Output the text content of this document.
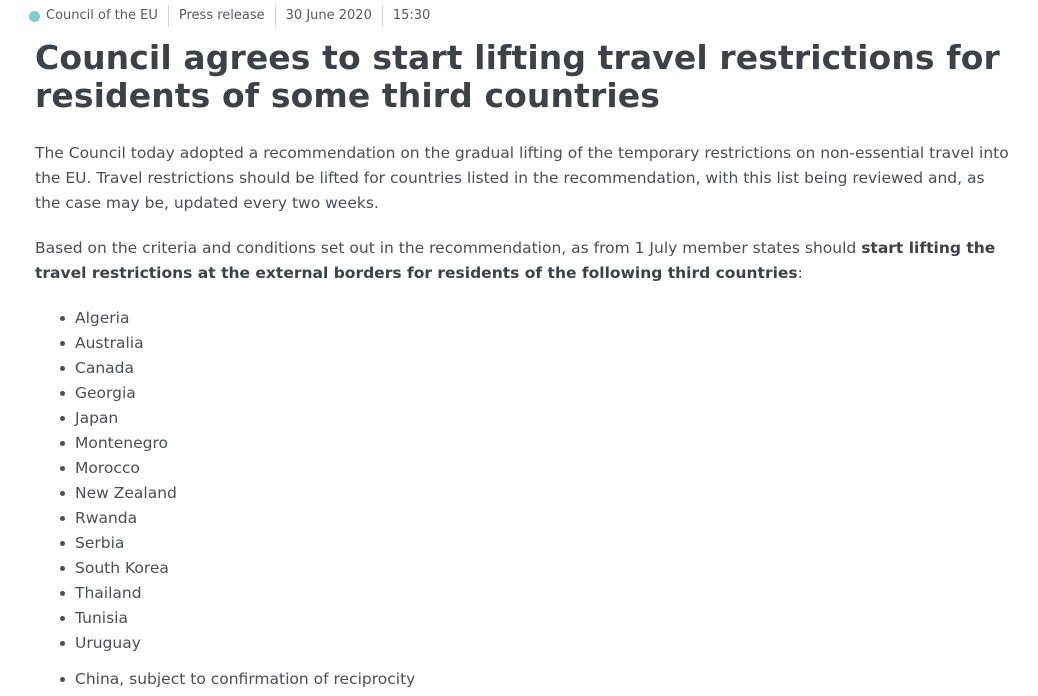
Council of the EU	Press release	30 June 2020	15:30
Council agrees to start lifting travel restrictions for residents of some third countries

The Council today adopted a recommendation on the gradual lifting of the temporary restrictions on non-essential travel into the EU. Travel restrictions should be lifted for countries listed in the recommendation, with this list being reviewed and, as the case may be, updated every two weeks.

Based on the criteria and conditions set out in the recommendation, as from 1 July member states should start lifting the travel restrictions at the external borders for residents of the following third countries:

Algeria
Australia
Canada
Georgia
Japan
Montenegro
Morocco
New Zealand
Rwanda
Serbia
South Korea
Thailand
Tunisia
Uruguay
China, subject to confirmation of reciprocity
